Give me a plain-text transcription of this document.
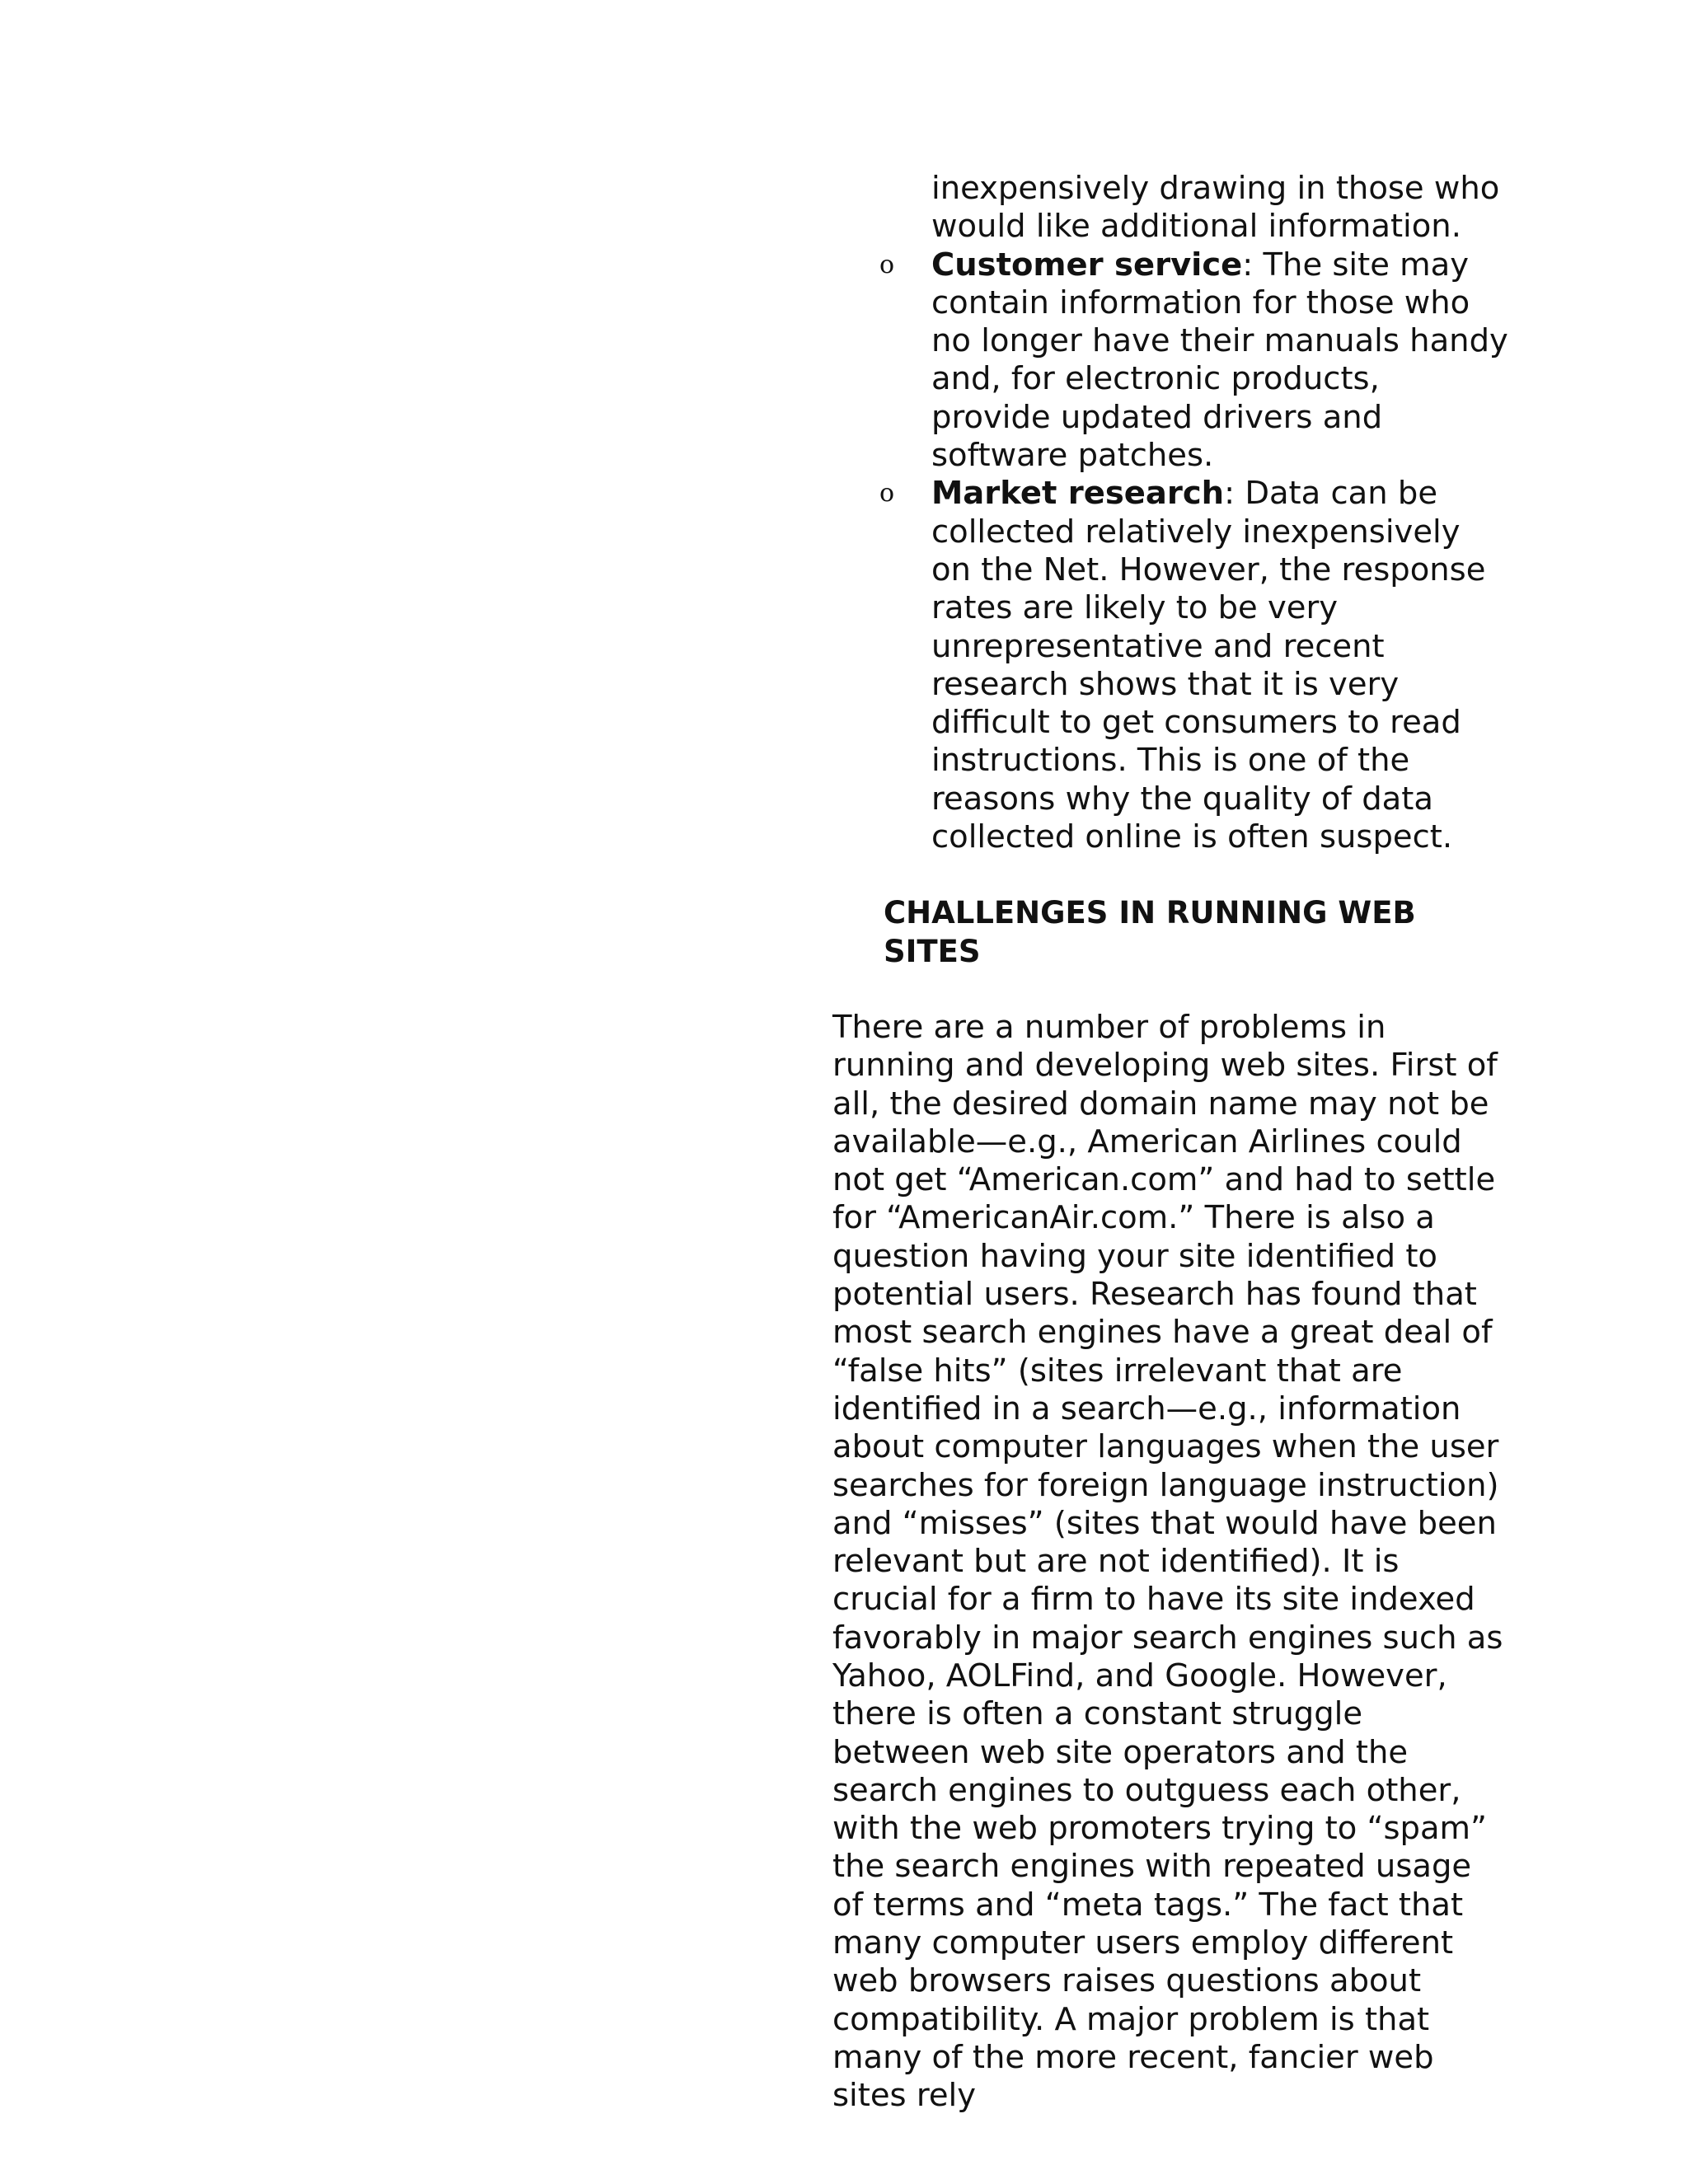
inexpensively drawing in those who would like additional information.

o Customer service: The site may contain information for those who no longer have their manuals handy and, for electronic products, provide updated drivers and software patches.
o Market research: Data can be collected relatively inexpensively on the Net. However, the response rates are likely to be very unrepresentative and recent research shows that it is very difficult to get consumers to read instructions. This is one of the reasons why the quality of data collected online is often suspect.
CHALLENGES IN RUNNING WEB SITES

There are a number of problems in running and developing web sites. First of all, the desired domain name may not be available—e.g., American Airlines could not get “American.com” and had to settle for “AmericanAir.com.” There is also a question having your site identified to potential users. Research has found that most search engines have a great deal of “false hits” (sites irrelevant that are identified in a search—e.g., information about computer languages when the user searches for foreign language instruction) and “misses” (sites that would have been relevant but are not identified). It is crucial for a firm to have its site indexed favorably in major search engines such as Yahoo, AOLFind, and Google. However, there is often a constant struggle between web site operators and the search engines to outguess each other, with the web promoters trying to “spam” the search engines with repeated usage of terms and “meta tags.” The fact that many computer users employ different web browsers raises questions about compatibility. A major problem is that many of the more recent, fancier web sites rely
